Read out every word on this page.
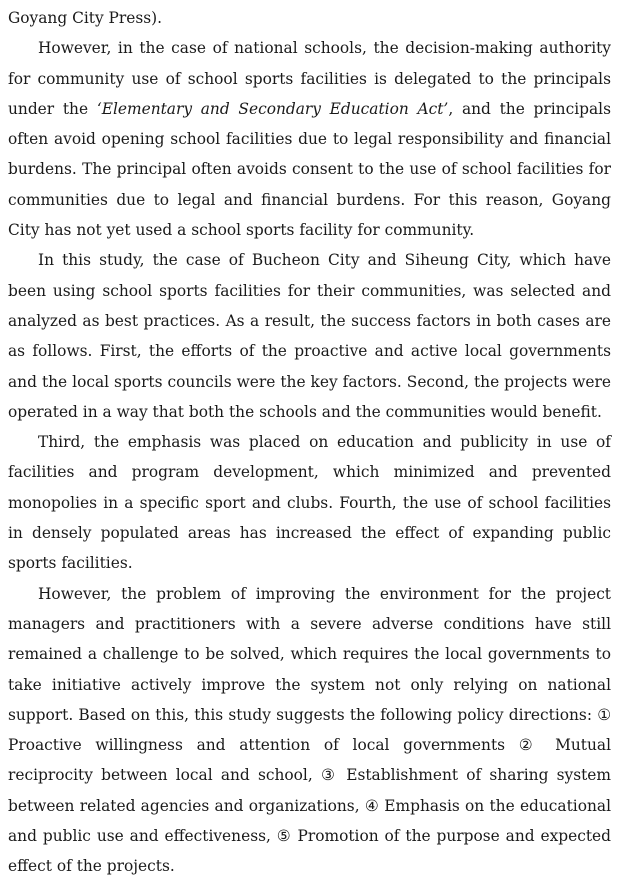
Goyang City Press).

However, in the case of national schools, the decision-making authority for community use of school sports facilities is delegated to the principals under the ‘Elementary and Secondary Education Act’, and the principals often avoid opening school facilities due to legal responsibility and financial burdens. The principal often avoids consent to the use of school facilities for communities due to legal and financial burdens. For this reason, Goyang City has not yet used a school sports facility for community.

In this study, the case of Bucheon City and Siheung City, which have been using school sports facilities for their communities, was selected and analyzed as best practices. As a result, the success factors in both cases are as follows. First, the efforts of the proactive and active local governments and the local sports councils were the key factors. Second, the projects were operated in a way that both the schools and the communities would benefit.

Third, the emphasis was placed on education and publicity in use of facilities and program development, which minimized and prevented monopolies in a specific sport and clubs. Fourth, the use of school facilities in densely populated areas has increased the effect of expanding public sports facilities.

However, the problem of improving the environment for the project managers and practitioners with a severe adverse conditions have still remained a challenge to be solved, which requires the local governments to take initiative actively improve the system not only relying on national support. Based on this, this study suggests the following policy directions: ① Proactive willingness and attention of local governments ② Mutual reciprocity between local and school, ③ Establishment of sharing system between related agencies and organizations, ④ Emphasis on the educational and public use and effectiveness, ⑤ Promotion of the purpose and expected effect of the projects.
